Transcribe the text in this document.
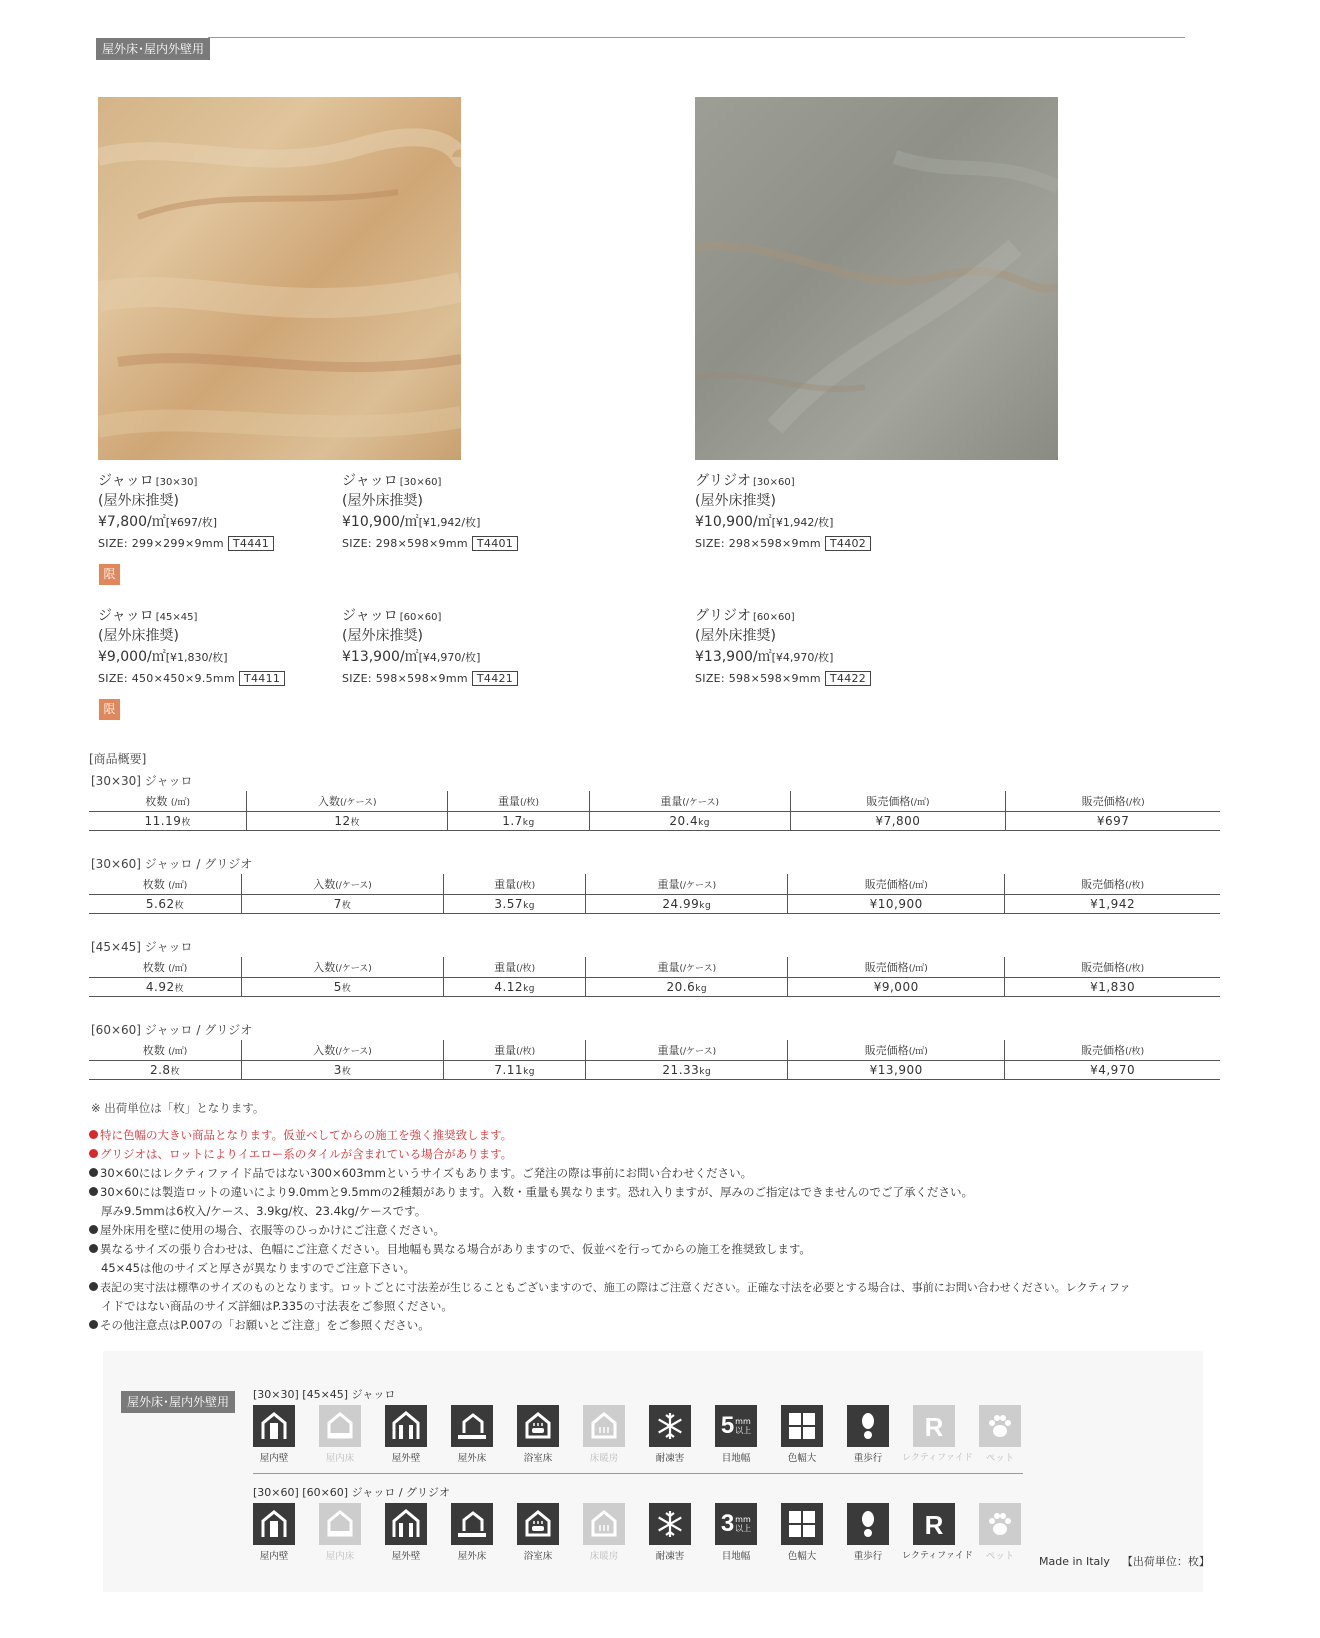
屋外床･屋内外壁用
ジャッロ [30×30]
(屋外床推奨)
¥7,800/㎡[¥697/枚]
SIZE: 299×299×9mm T4441
限
ジャッロ [30×60]
(屋外床推奨)
¥10,900/㎡[¥1,942/枚]
SIZE: 298×598×9mm T4401
グリジオ [30×60]
(屋外床推奨)
¥10,900/㎡[¥1,942/枚]
SIZE: 298×598×9mm T4402
ジャッロ [45×45]
(屋外床推奨)
¥9,000/㎡[¥1,830/枚]
SIZE: 450×450×9.5mm T4411
限
ジャッロ [60×60]
(屋外床推奨)
¥13,900/㎡[¥4,970/枚]
SIZE: 598×598×9mm T4421
グリジオ [60×60]
(屋外床推奨)
¥13,900/㎡[¥4,970/枚]
SIZE: 598×598×9mm T4422
[商品概要]
[30×30] ジャッロ
枚数 (/㎡)	入数(/ケース)	重量(/枚)	重量(/ケース)	販売価格(/㎡)	販売価格(/枚)
11.19枚	12枚	1.7kg	20.4kg	¥7,800	¥697
[30×60] ジャッロ / グリジオ
枚数 (/㎡)	入数(/ケース)	重量(/枚)	重量(/ケース)	販売価格(/㎡)	販売価格(/枚)
5.62枚	7枚	3.57kg	24.99kg	¥10,900	¥1,942
[45×45] ジャッロ
枚数 (/㎡)	入数(/ケース)	重量(/枚)	重量(/ケース)	販売価格(/㎡)	販売価格(/枚)
4.92枚	5枚	4.12kg	20.6kg	¥9,000	¥1,830
[60×60] ジャッロ / グリジオ
枚数 (/㎡)	入数(/ケース)	重量(/枚)	重量(/ケース)	販売価格(/㎡)	販売価格(/枚)
2.8枚	3枚	7.11kg	21.33kg	¥13,900	¥4,970
※ 出荷単位は「枚」となります。
特に色幅の大きい商品となります。仮並べしてからの施工を強く推奨致します。
グリジオは、ロットによりイエロー系のタイルが含まれている場合があります。
30×60にはレクティファイド品ではない300×603mmというサイズもあります。ご発注の際は事前にお問い合わせください。
30×60には製造ロットの違いにより9.0mmと9.5mmの2種類があります。入数・重量も異なります。恐れ入りますが、厚みのご指定はできませんのでご了承ください。
厚み9.5mmは6枚入/ケース、3.9kg/枚、23.4kg/ケースです。
屋外床用を壁に使用の場合、衣服等のひっかけにご注意ください。
異なるサイズの張り合わせは、色幅にご注意ください。目地幅も異なる場合がありますので、仮並べを行ってからの施工を推奨致します。
45×45は他のサイズと厚さが異なりますのでご注意下さい。
表記の実寸法は標準のサイズのものとなります。ロットごとに寸法差が生じることもございますので、施工の際はご注意ください。正確な寸法を必要とする場合は、事前にお問い合わせください。レクティファ
イドではない商品のサイズ詳細はP.335の寸法表をご参照ください。
その他注意点はP.007の「お願いとご注意」をご参照ください。
屋外床･屋内外壁用
[30×30] [45×45] ジャッロ
屋内壁	屋内床	屋外壁	屋外床	浴室床	床暖房	耐凍害
5 mm
以上
目地幅	色幅大	重歩行
R
レクティファイド	ペット
[30×60] [60×60] ジャッロ / グリジオ
屋内壁	屋内床	屋外壁	屋外床	浴室床	床暖房	耐凍害
3 mm
以上
目地幅	色幅大	重歩行
R
レクティファイド	ペット	Made in Italy 【出荷単位：枚】
